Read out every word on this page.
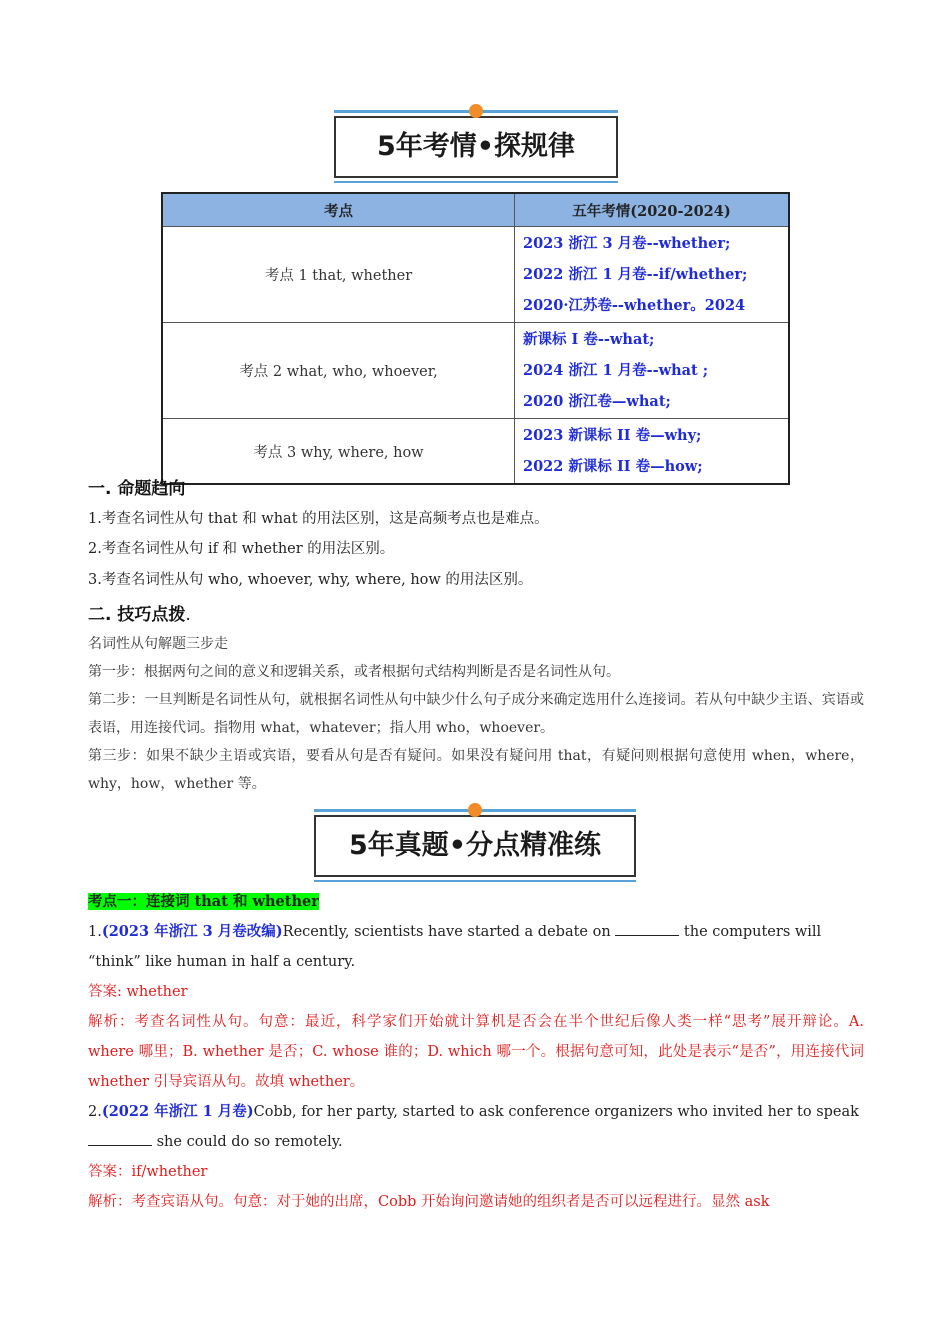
5年考情•探规律
考点	五年考情(2020-2024)
考点 1 that, whether	2023 浙江 3 月卷--whether;
2022 浙江 1 月卷--if/whether;
2020·江苏卷--whether。2024

考点 2 what, who, whoever,	新课标 I 卷--what;
2024 浙江 1 月卷--what ;
2020 浙江卷—what;

考点 3 why, where, how	2023 新课标 II 卷—why;
2022 新课标 II 卷—how;
一. 命题趋向
1.考查名词性从句 that 和 what 的用法区别，这是高频考点也是难点。
2.考查名词性从句 if 和 whether 的用法区别。
3.考查名词性从句 who, whoever, why, where, how 的用法区别。
二. 技巧点拨.
名词性从句解题三步走
第一步：根据两句之间的意义和逻辑关系，或者根据句式结构判断是否是名词性从句。
第二步：一旦判断是名词性从句，就根据名词性从句中缺少什么句子成分来确定选用什么连接词。若从句中缺少主语、宾语或表语，用连接代词。指物用 what，whatever；指人用 who，whoever。
第三步：如果不缺少主语或宾语，要看从句是否有疑问。如果没有疑问用 that，有疑问则根据句意使用 when，where，why，how，whether 等。
5年真题•分点精准练
考点一：连接词 that 和 whether
1.(2023 年浙江 3 月卷改编)Recently, scientists have started a debate on	the computers will “think” like human in half a century.
答案: whether
解析：考查名词性从句。句意：最近，科学家们开始就计算机是否会在半个世纪后像人类一样“思考”展开辩论。A. where 哪里；B. whether 是否；C. whose 谁的；D. which 哪一个。根据句意可知，此处是表示“是否”，用连接代词 whether 引导宾语从句。故填 whether。
2.(2022 年浙江 1 月卷)Cobb, for her party, started to ask conference organizers who invited her to speak  she could do so remotely.
答案：if/whether
解析：考查宾语从句。句意：对于她的出席，Cobb 开始询问邀请她的组织者是否可以远程进行。显然 ask
